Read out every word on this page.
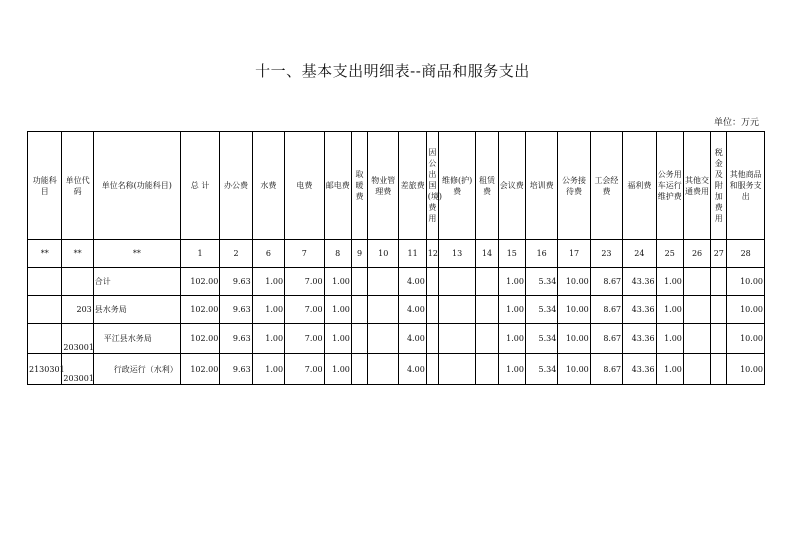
十一、基本支出明细表--商品和服务支出
单位：万元
功能科目	单位代码	单位名称(功能科目)	总 计	办公费	水费	电费	邮电费	取暖费	物业管理费	差旅费	因公出国(境)费用	维修(护)费	租赁费	会议费	培训费	公务接待费	工会经费	福利费	公务用车运行维护费	其他交通费用	税金及附加费用	其他商品和服务支出
**	**	**	1	2	6	7	8	9	10	11	12	13	14	15	16	17	23	24	25	26	27	28
		合计	102.00	9.63	1.00	7.00	1.00			4.00				1.00	5.34	10.00	8.67	43.36	1.00			10.00
	203	县水务局	102.00	9.63	1.00	7.00	1.00			4.00				1.00	5.34	10.00	8.67	43.36	1.00			10.00
	203001	平江县水务局	102.00	9.63	1.00	7.00	1.00			4.00				1.00	5.34	10.00	8.67	43.36	1.00			10.00
2130301	203001	行政运行（水利）	102.00	9.63	1.00	7.00	1.00			4.00				1.00	5.34	10.00	8.67	43.36	1.00			10.00
